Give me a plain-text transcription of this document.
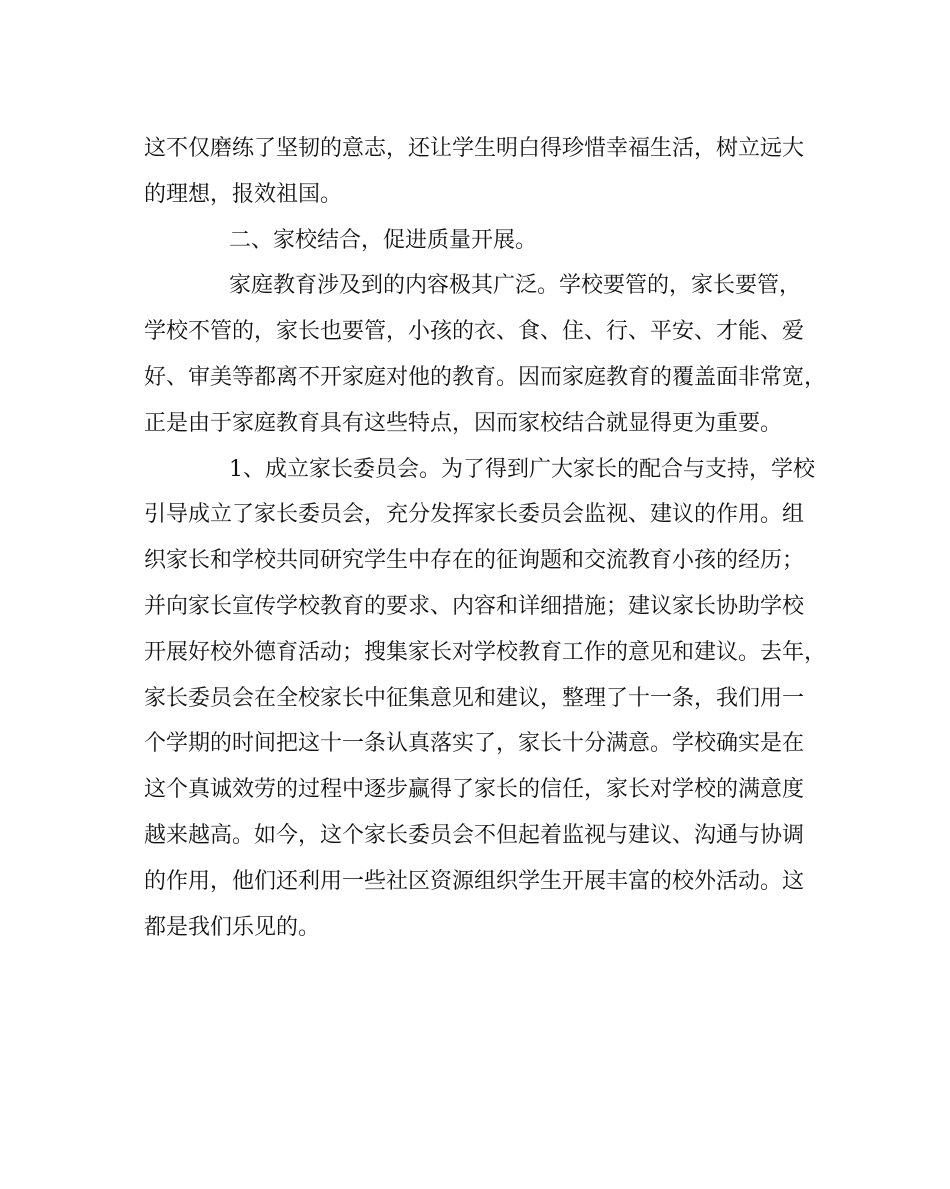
这不仅磨练了坚韧的意志，还让学生明白得珍惜幸福生活，树立远大
的理想，报效祖国。
二、家校结合，促进质量开展。
家庭教育涉及到的内容极其广泛。学校要管的，家长要管，
学校不管的，家长也要管，小孩的衣、食、住、行、平安、才能、爱
好、审美等都离不开家庭对他的教育。因而家庭教育的覆盖面非常宽，
正是由于家庭教育具有这些特点，因而家校结合就显得更为重要。
1、成立家长委员会。为了得到广大家长的配合与支持，学校
引导成立了家长委员会，充分发挥家长委员会监视、建议的作用。组
织家长和学校共同研究学生中存在的征询题和交流教育小孩的经历；
并向家长宣传学校教育的要求、内容和详细措施；建议家长协助学校
开展好校外德育活动；搜集家长对学校教育工作的意见和建议。去年，
家长委员会在全校家长中征集意见和建议，整理了十一条，我们用一
个学期的时间把这十一条认真落实了，家长十分满意。学校确实是在
这个真诚效劳的过程中逐步赢得了家长的信任，家长对学校的满意度
越来越高。如今，这个家长委员会不但起着监视与建议、沟通与协调
的作用，他们还利用一些社区资源组织学生开展丰富的校外活动。这
都是我们乐见的。
